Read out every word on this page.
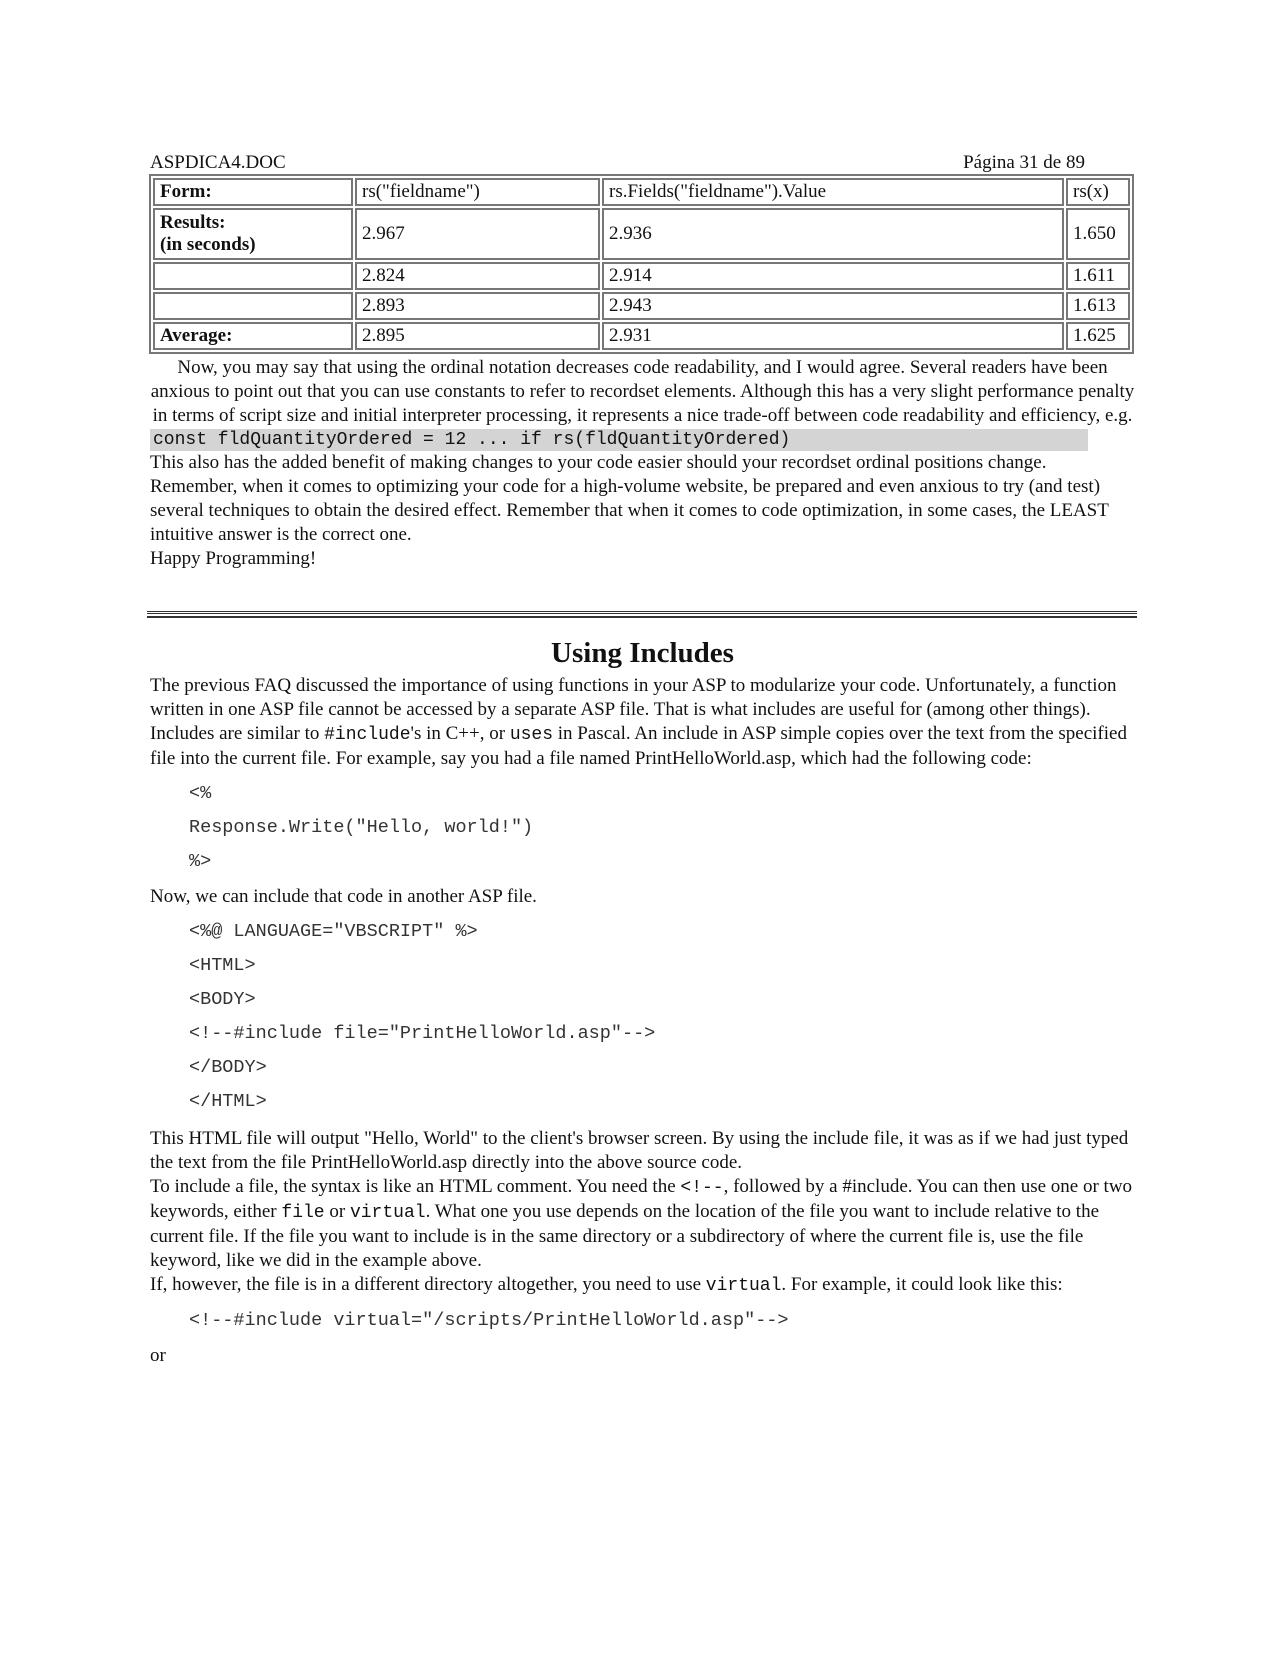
ASPDICA4.DOC	Página 31 de 89
Form:	rs("fieldname")	rs.Fields("fieldname").Value	rs(x)
Results:
(in seconds)	2.967	2.936	1.650
	2.824	2.914	1.611
	2.893	2.943	1.613
Average:	2.895	2.931	1.625

Now, you may say that using the ordinal notation decreases code readability, and I would agree. Several readers have been anxious to point out that you can use constants to refer to recordset elements. Although this has a very slight performance penalty in terms of script size and initial interpreter processing, it represents a nice trade-off between code readability and efficiency, e.g.

const fldQuantityOrdered = 12 ... if rs(fldQuantityOrdered)

This also has the added benefit of making changes to your code easier should your recordset ordinal positions change.

Remember, when it comes to optimizing your code for a high-volume website, be prepared and even anxious to try (and test) several techniques to obtain the desired effect. Remember that when it comes to code optimization, in some cases, the LEAST intuitive answer is the correct one.

Happy Programming!

Using Includes

The previous FAQ discussed the importance of using functions in your ASP to modularize your code. Unfortunately, a function written in one ASP file cannot be accessed by a separate ASP file. That is what includes are useful for (among other things).

Includes are similar to #include's in C++, or uses in Pascal. An include in ASP simple copies over the text from the specified file into the current file. For example, say you had a file named PrintHelloWorld.asp, which had the following code:

<%
Response.Write("Hello, world!")
%>

Now, we can include that code in another ASP file.

<%@ LANGUAGE="VBSCRIPT" %>
<HTML>
<BODY>
<!--#include file="PrintHelloWorld.asp"-->
</BODY>
</HTML>

This HTML file will output "Hello, World" to the client's browser screen. By using the include file, it was as if we had just typed the text from the file PrintHelloWorld.asp directly into the above source code.

To include a file, the syntax is like an HTML comment. You need the <!--, followed by a #include. You can then use one or two keywords, either file or virtual. What one you use depends on the location of the file you want to include relative to the current file. If the file you want to include is in the same directory or a subdirectory of where the current file is, use the file keyword, like we did in the example above.

If, however, the file is in a different directory altogether, you need to use virtual. For example, it could look like this:

<!--#include virtual="/scripts/PrintHelloWorld.asp"-->

or
